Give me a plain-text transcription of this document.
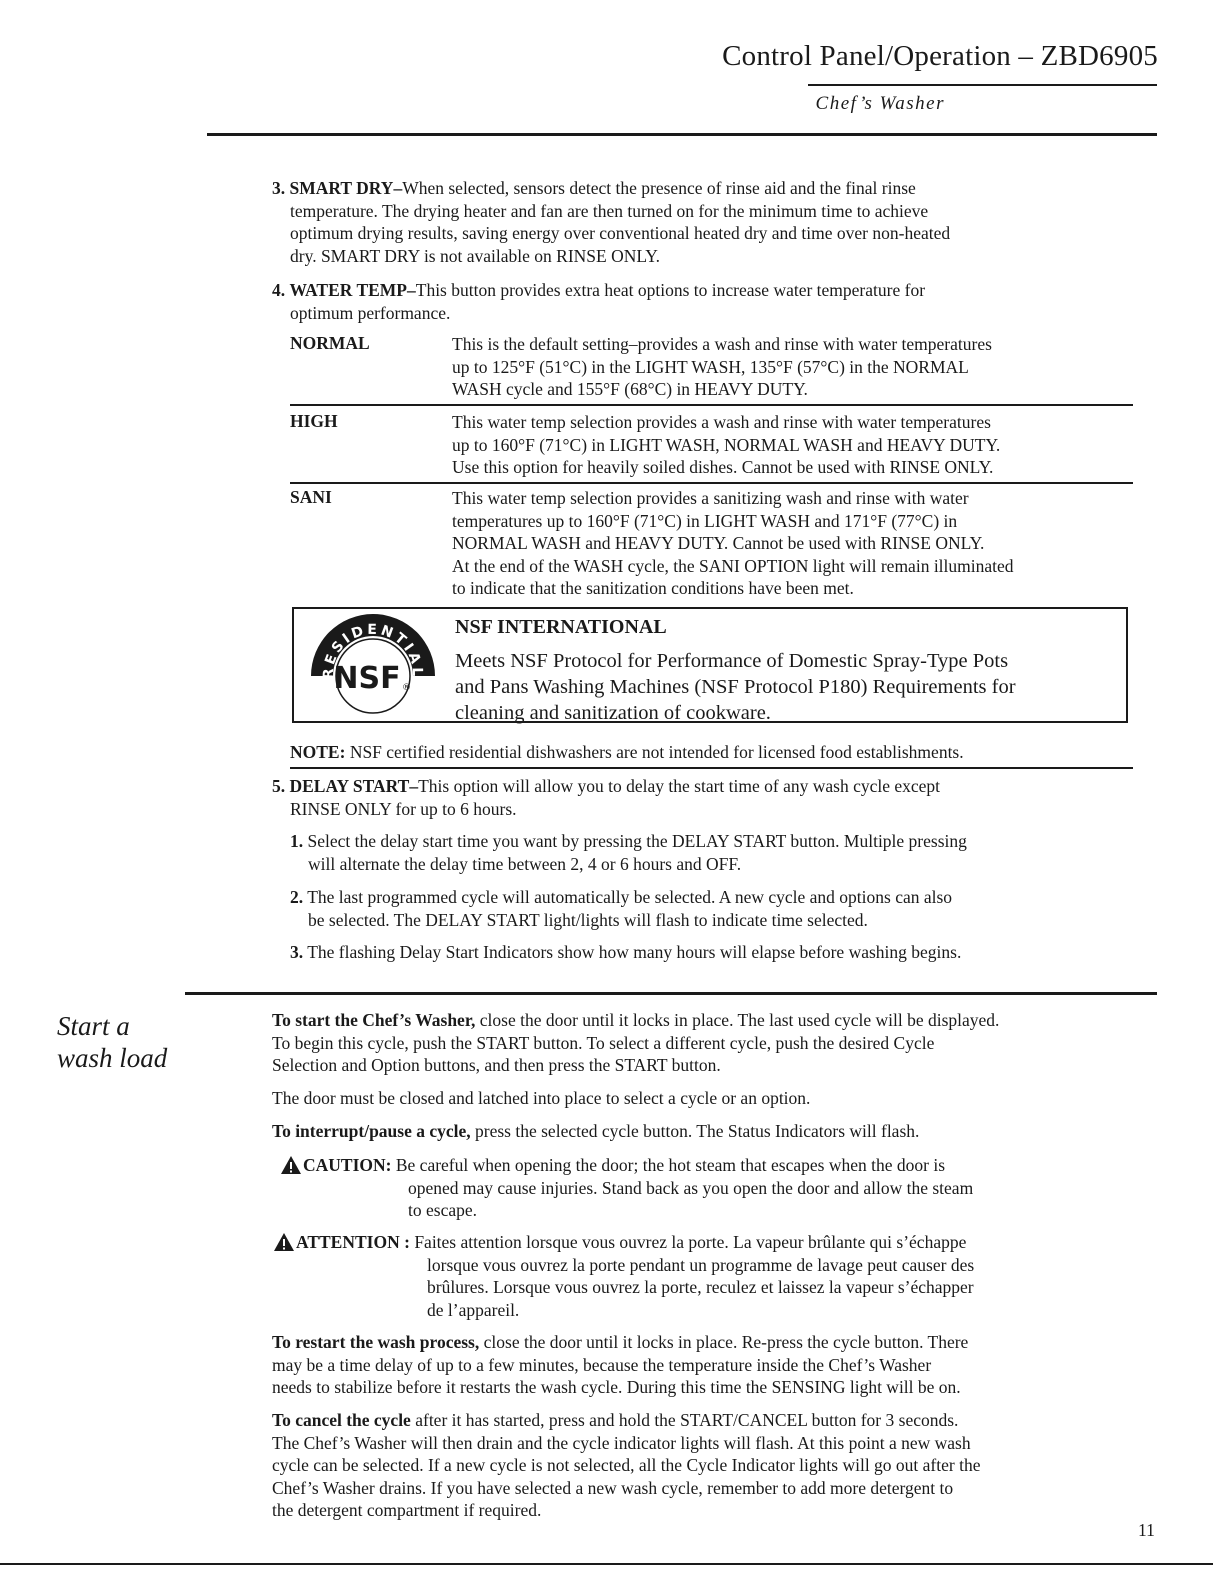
Control Panel/Operation – ZBD6905
Chef’s Washer
3. SMART DRY–When selected, sensors detect the presence of rinse aid and the final rinse
temperature. The drying heater and fan are then turned on for the minimum time to achieve
optimum drying results, saving energy over conventional heated dry and time over non-heated
dry. SMART DRY is not available on RINSE ONLY.
4. WATER TEMP–This button provides extra heat options to increase water temperature for
optimum performance.
NORMAL	This is the default setting–provides a wash and rinse with water temperatures
up to 125°F (51°C) in the LIGHT WASH, 135°F (57°C) in the NORMAL
WASH cycle and 155°F (68°C) in HEAVY DUTY.
HIGH	This water temp selection provides a wash and rinse with water temperatures
up to 160°F (71°C) in LIGHT WASH, NORMAL WASH and HEAVY DUTY.
Use this option for heavily soiled dishes. Cannot be used with RINSE ONLY.
SANI	This water temp selection provides a sanitizing wash and rinse with water
temperatures up to 160°F (71°C) in LIGHT WASH and 171°F (77°C) in
NORMAL WASH and HEAVY DUTY. Cannot be used with RINSE ONLY.
At the end of the WASH cycle, the SANI OPTION light will remain illuminated
to indicate that the sanitization conditions have been met.
RESIDENTIAL
NSF ®
NSF INTERNATIONAL
Meets NSF Protocol for Performance of Domestic Spray-Type Pots
and Pans Washing Machines (NSF Protocol P180) Requirements for
cleaning and sanitization of cookware.
NOTE: NSF certified residential dishwashers are not intended for licensed food establishments.
5. DELAY START–This option will allow you to delay the start time of any wash cycle except
RINSE ONLY for up to 6 hours.
1. Select the delay start time you want by pressing the DELAY START button. Multiple pressing
will alternate the delay time between 2, 4 or 6 hours and OFF.
2. The last programmed cycle will automatically be selected. A new cycle and options can also
be selected. The DELAY START light/lights will flash to indicate time selected.
3. The flashing Delay Start Indicators show how many hours will elapse before washing begins.
Start a
wash load
To start the Chef’s Washer, close the door until it locks in place. The last used cycle will be displayed.
To begin this cycle, push the START button. To select a different cycle, push the desired Cycle
Selection and Option buttons, and then press the START button.
The door must be closed and latched into place to select a cycle or an option.
To interrupt/pause a cycle, press the selected cycle button. The Status Indicators will flash.
CAUTION: Be careful when opening the door; the hot steam that escapes when the door is
opened may cause injuries. Stand back as you open the door and allow the steam
to escape.
ATTENTION : Faites attention lorsque vous ouvrez la porte. La vapeur brûlante qui s’échappe
lorsque vous ouvrez la porte pendant un programme de lavage peut causer des
brûlures. Lorsque vous ouvrez la porte, reculez et laissez la vapeur s’échapper
de l’appareil.
To restart the wash process, close the door until it locks in place. Re-press the cycle button. There
may be a time delay of up to a few minutes, because the temperature inside the Chef’s Washer
needs to stabilize before it restarts the wash cycle. During this time the SENSING light will be on.
To cancel the cycle after it has started, press and hold the START/CANCEL button for 3 seconds.
The Chef’s Washer will then drain and the cycle indicator lights will flash. At this point a new wash
cycle can be selected. If a new cycle is not selected, all the Cycle Indicator lights will go out after the
Chef’s Washer drains. If you have selected a new wash cycle, remember to add more detergent to
the detergent compartment if required.
11
